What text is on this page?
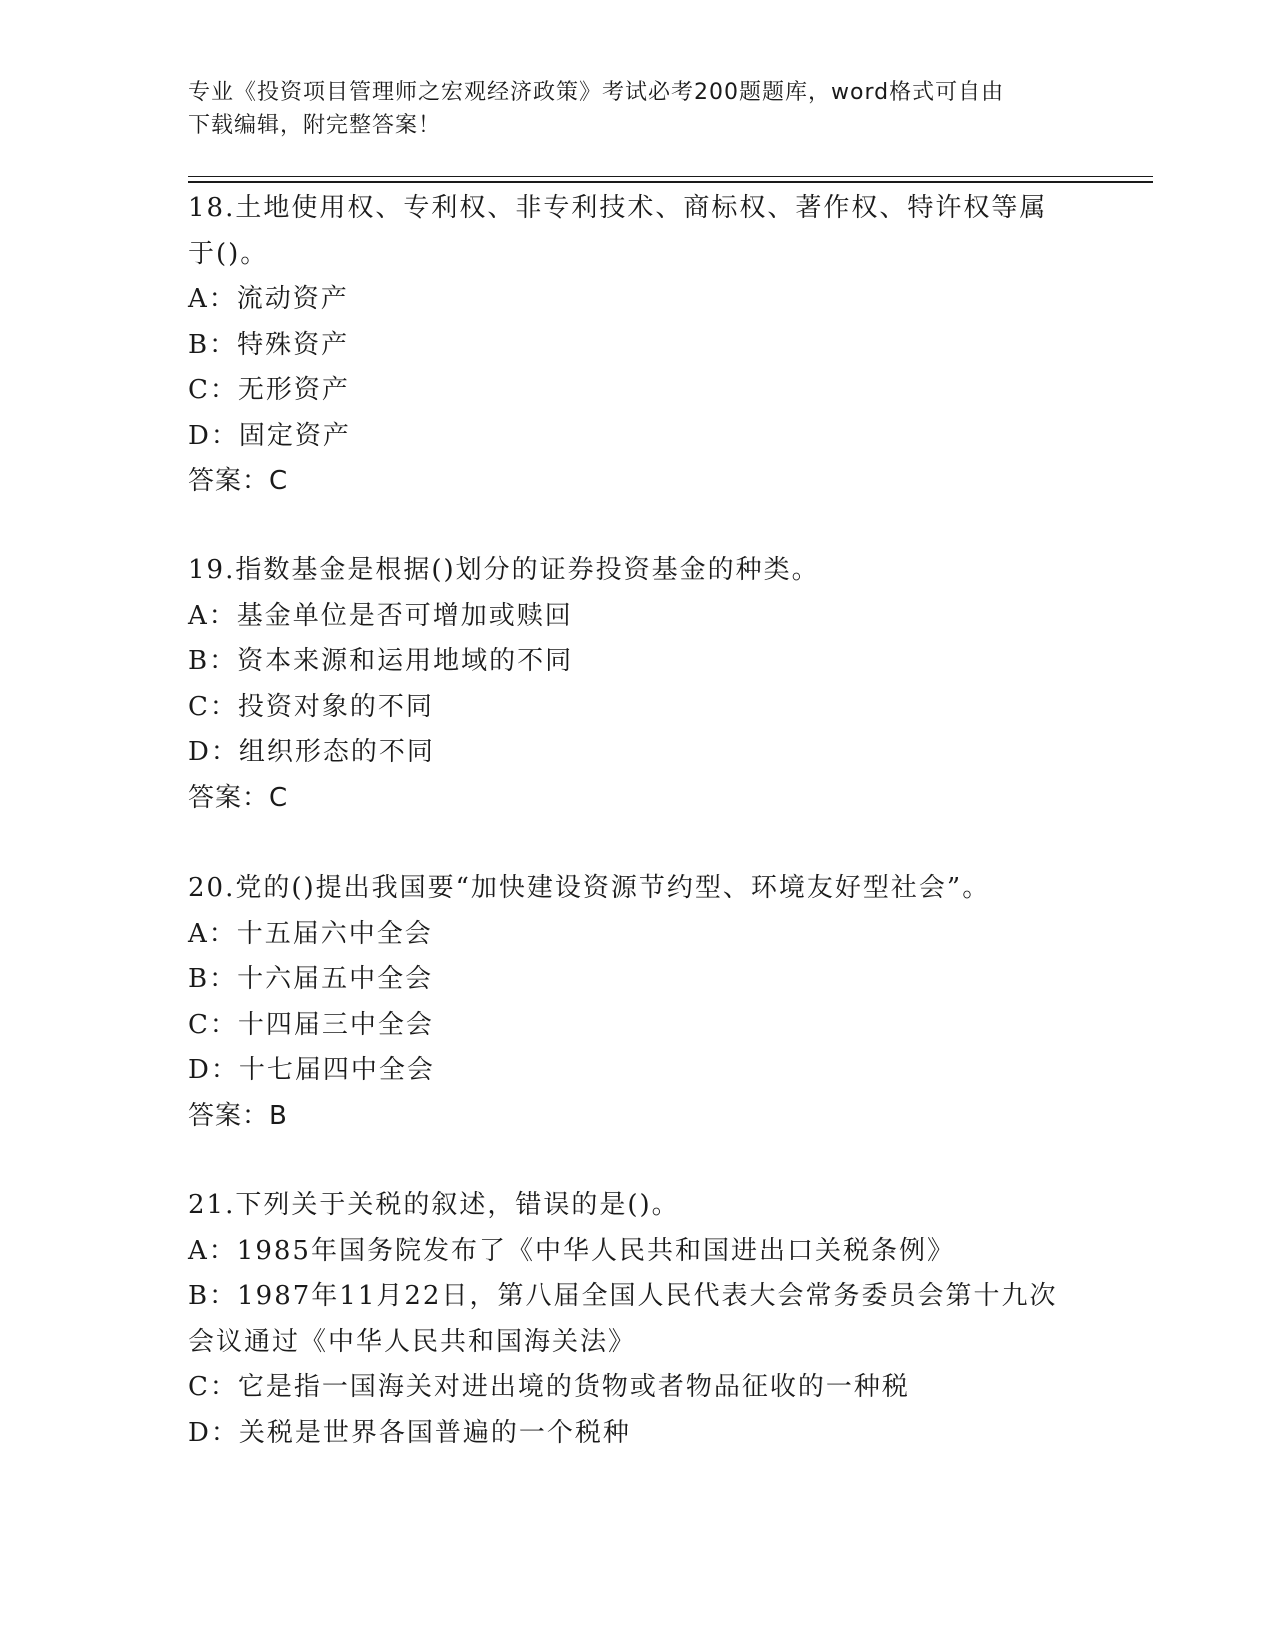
专业《投资项目管理师之宏观经济政策》考试必考200题题库，word格式可自由
下载编辑，附完整答案！
18.土地使用权、专利权、非专利技术、商标权、著作权、特许权等属
于()。
A：流动资产
B：特殊资产
C：无形资产
D：固定资产
答案：C
19.指数基金是根据()划分的证券投资基金的种类。
A：基金单位是否可增加或赎回
B：资本来源和运用地域的不同
C：投资对象的不同
D：组织形态的不同
答案：C
20.党的()提出我国要“加快建设资源节约型、环境友好型社会”。
A：十五届六中全会
B：十六届五中全会
C：十四届三中全会
D：十七届四中全会
答案：B
21.下列关于关税的叙述，错误的是()。
A：1985年国务院发布了《中华人民共和国进出口关税条例》
B：1987年11月22日，第八届全国人民代表大会常务委员会第十九次
会议通过《中华人民共和国海关法》
C：它是指一国海关对进出境的货物或者物品征收的一种税
D：关税是世界各国普遍的一个税种
